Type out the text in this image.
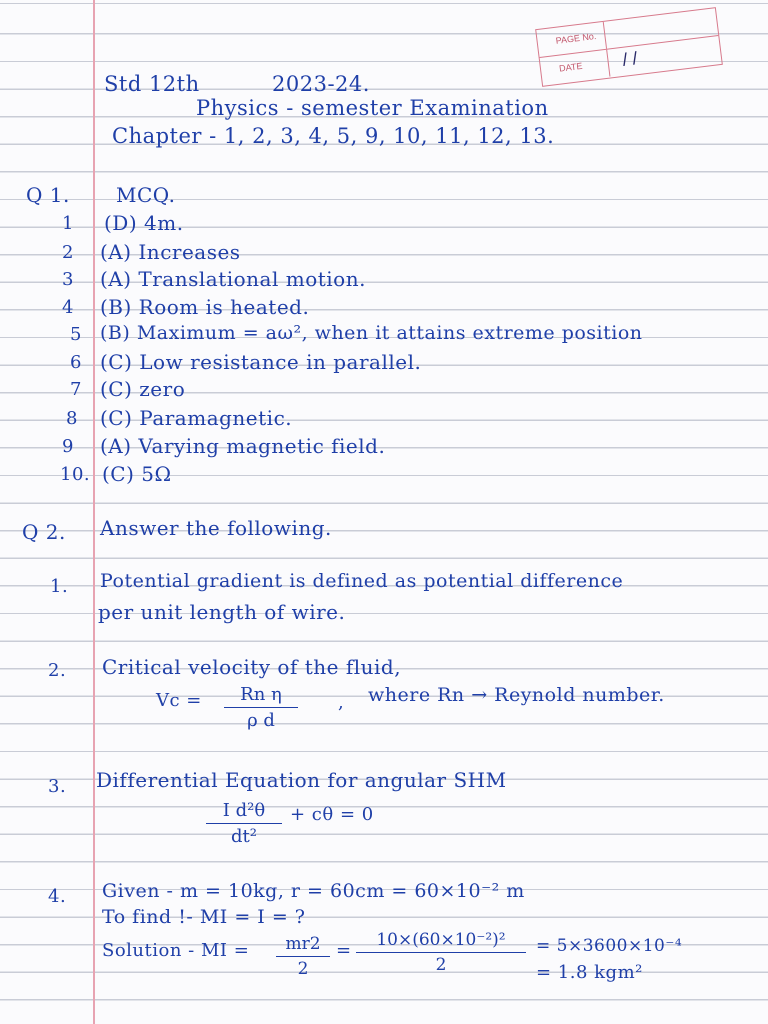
PAGE No.
DATE	/ /
Std 12th	2023-24.
Physics - semester Examination
Chapter - 1, 2, 3, 4, 5, 9, 10, 11, 12, 13.
Q 1. MCQ.
1 (D) 4m.
2 (A) Increases
3 (A) Translational motion.
4 (B) Room is heated.
5 (B) Maximum = aω², when it attains extreme position
6 (C) Low resistance in parallel.
7 (C) zero
8 (C) Paramagnetic.
9 (A) Varying magnetic field.
10. (C) 5Ω
Q 2. Answer the following.
1. Potential gradient is defined as potential difference
per unit length of wire.
2. Critical velocity of the fluid,
Vc =	Rn η
ρ d
, where Rn → Reynold number.
3. Differential Equation for angular SHM
I d²θ
dt²
+ cθ = 0
4. Given - m = 10kg, r = 60cm = 60×10⁻² m
To find !- MI = I = ?
Solution - MI =	mr2
2
=	10×(60×10⁻²)²
2
= 5×3600×10⁻⁴
= 1.8 kgm²
